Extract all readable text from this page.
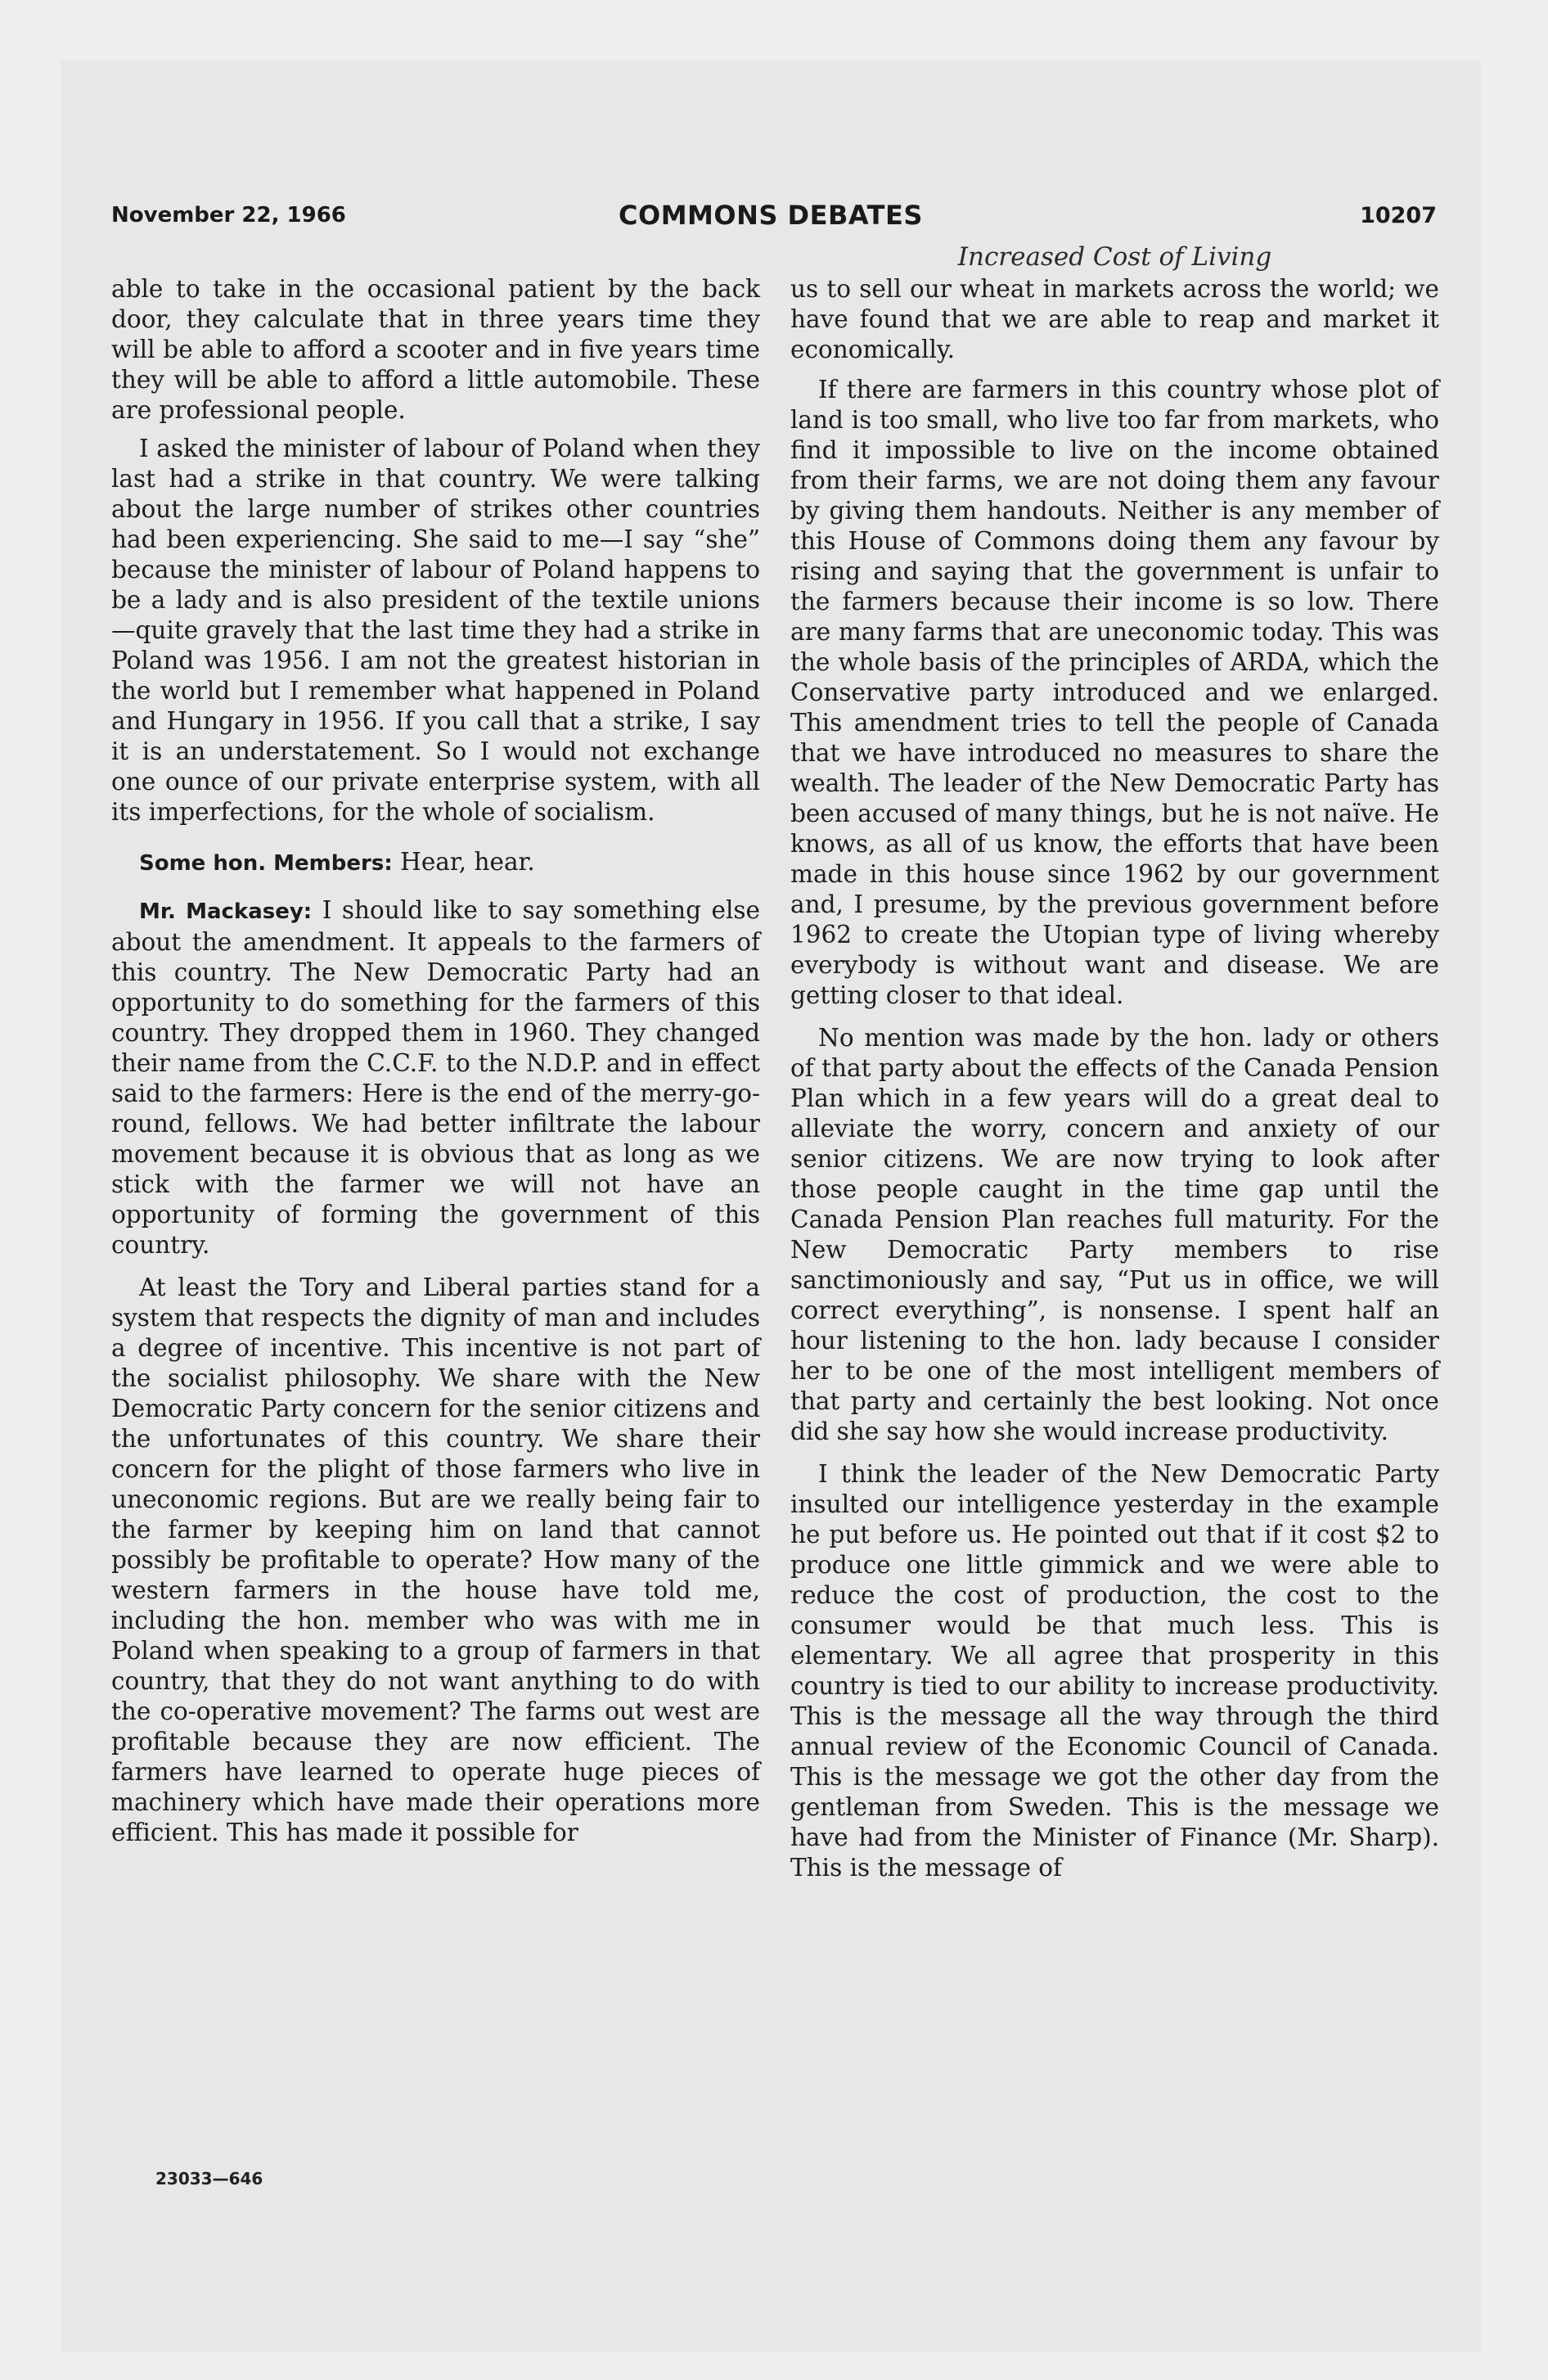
November 22, 1966	COMMONS DEBATES	10207
Increased Cost of Living

able to take in the occasional patient by the back door, they calculate that in three years time they will be able to afford a scooter and in five years time they will be able to afford a little automobile. These are professional people.

I asked the minister of labour of Poland when they last had a strike in that country. We were talking about the large number of strikes other countries had been experiencing. She said to me—I say “she” because the minister of labour of Poland happens to be a lady and is also president of the textile unions —quite gravely that the last time they had a strike in Poland was 1956. I am not the greatest historian in the world but I remember what happened in Poland and Hungary in 1956. If you call that a strike, I say it is an understatement. So I would not exchange one ounce of our private enterprise system, with all its imperfections, for the whole of socialism.

Some hon. Members: Hear, hear.

Mr. Mackasey: I should like to say something else about the amendment. It appeals to the farmers of this country. The New Democratic Party had an opportunity to do something for the farmers of this country. They dropped them in 1960. They changed their name from the C.C.F. to the N.D.P. and in effect said to the farmers: Here is the end of the merry-go-round, fellows. We had better infiltrate the labour movement because it is obvious that as long as we stick with the farmer we will not have an opportunity of forming the government of this country.

At least the Tory and Liberal parties stand for a system that respects the dignity of man and includes a degree of incentive. This incentive is not part of the socialist philosophy. We share with the New Democratic Party concern for the senior citizens and the unfortunates of this country. We share their concern for the plight of those farmers who live in uneconomic regions. But are we really being fair to the farmer by keeping him on land that cannot possibly be profitable to operate? How many of the western farmers in the house have told me, including the hon. member who was with me in Poland when speaking to a group of farmers in that country, that they do not want anything to do with the co-operative movement? The farms out west are profitable because they are now efficient. The farmers have learned to operate huge pieces of machinery which have made their operations more efficient. This has made it possible for

us to sell our wheat in markets across the world; we have found that we are able to reap and market it economically.

If there are farmers in this country whose plot of land is too small, who live too far from markets, who find it impossible to live on the income obtained from their farms, we are not doing them any favour by giving them handouts. Neither is any member of this House of Commons doing them any favour by rising and saying that the government is unfair to the farmers because their income is so low. There are many farms that are uneconomic today. This was the whole basis of the principles of ARDA, which the Conservative party introduced and we enlarged. This amendment tries to tell the people of Canada that we have introduced no measures to share the wealth. The leader of the New Democratic Party has been accused of many things, but he is not naïve. He knows, as all of us know, the efforts that have been made in this house since 1962 by our government and, I presume, by the previous government before 1962 to create the Utopian type of living whereby everybody is without want and disease. We are getting closer to that ideal.

No mention was made by the hon. lady or others of that party about the effects of the Canada Pension Plan which in a few years will do a great deal to alleviate the worry, concern and anxiety of our senior citizens. We are now trying to look after those people caught in the time gap until the Canada Pension Plan reaches full maturity. For the New Democratic Party members to rise sanctimoniously and say, “Put us in office, we will correct everything”, is nonsense. I spent half an hour listening to the hon. lady because I consider her to be one of the most intelligent members of that party and certainly the best looking. Not once did she say how she would increase productivity.

I think the leader of the New Democratic Party insulted our intelligence yesterday in the example he put before us. He pointed out that if it cost $2 to produce one little gimmick and we were able to reduce the cost of production, the cost to the consumer would be that much less. This is elementary. We all agree that prosperity in this country is tied to our ability to increase productivity. This is the message all the way through the third annual review of the Economic Council of Canada. This is the message we got the other day from the gentleman from Sweden. This is the message we have had from the Minister of Finance (Mr. Sharp). This is the message of

23033—646
